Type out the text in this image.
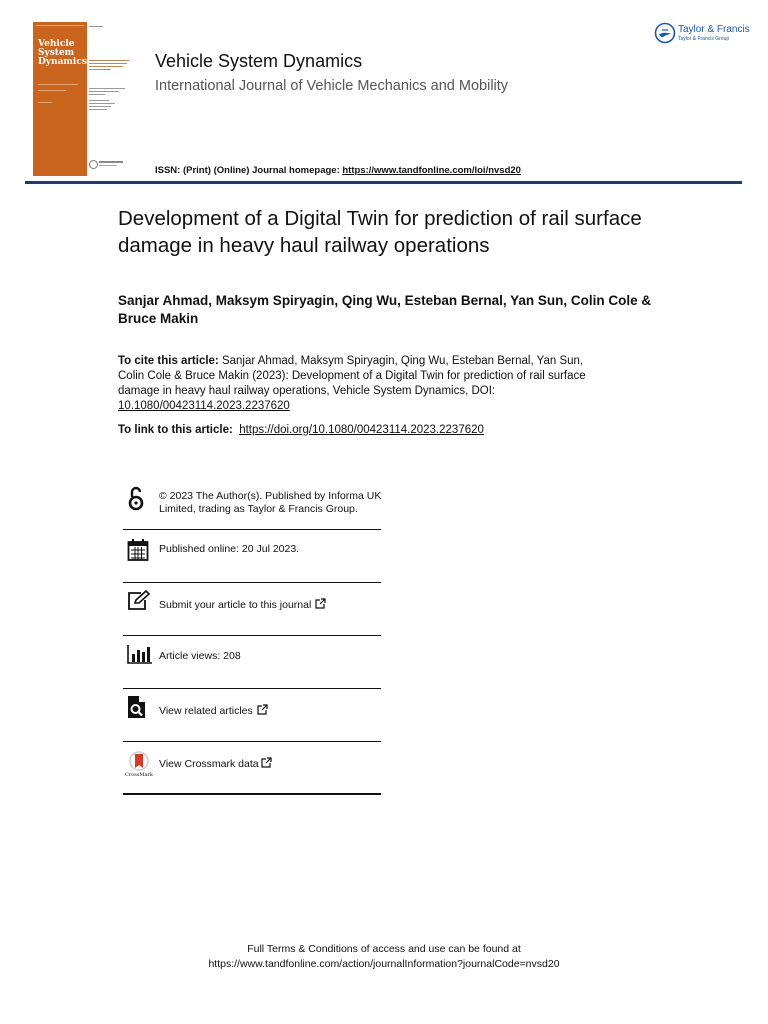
Vehicle
System
Dynamics	Vehicle System Dynamics
International Journal of Vehicle Mechanics and Mobility
ISSN: (Print) (Online) Journal homepage: https://www.tandfonline.com/loi/nvsd20
Taylor & Francis
Taylor & Francis Group
Development of a Digital Twin for prediction of rail surface damage in heavy haul railway operations
Sanjar Ahmad, Maksym Spiryagin, Qing Wu, Esteban Bernal, Yan Sun, Colin Cole & Bruce Makin
To cite this article: Sanjar Ahmad, Maksym Spiryagin, Qing Wu, Esteban Bernal, Yan Sun, Colin Cole & Bruce Makin (2023): Development of a Digital Twin for prediction of rail surface damage in heavy haul railway operations, Vehicle System Dynamics, DOI: 10.1080/00423114.2023.2237620
To link to this article: https://doi.org/10.1080/00423114.2023.2237620
© 2023 The Author(s). Published by Informa UK Limited, trading as Taylor & Francis Group.
Published online: 20 Jul 2023.
Submit your article to this journal
Article views: 208
View related articles
CrossMark
View Crossmark data
Full Terms & Conditions of access and use can be found at
https://www.tandfonline.com/action/journalInformation?journalCode=nvsd20
